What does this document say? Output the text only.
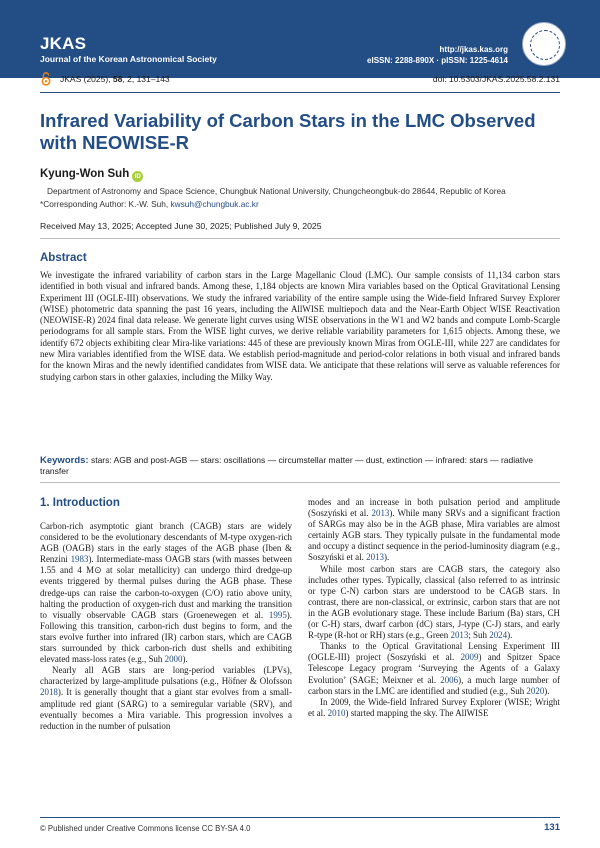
JKAS
Journal of the Korean Astronomical Society
http://jkas.kas.org
eISSN: 2288-890X · pISSN: 1225-4614
JKAS (2025), 58, 2, 131–143	doi: 10.5303/JKAS.2025.58.2.131
Infrared Variability of Carbon Stars in the LMC Observed with NEOWISE-R
Kyung-Won Suh iD
Department of Astronomy and Space Science, Chungbuk National University, Chungcheongbuk-do 28644, Republic of Korea
*Corresponding Author: K.-W. Suh, kwsuh@chungbuk.ac.kr
Received May 13, 2025; Accepted June 30, 2025; Published July 9, 2025
Abstract

We investigate the infrared variability of carbon stars in the Large Magellanic Cloud (LMC). Our sample consists of 11,134 carbon stars identified in both visual and infrared bands. Among these, 1,184 objects are known Mira variables based on the Optical Gravitational Lensing Experiment III (OGLE-III) observations. We study the infrared variability of the entire sample using the Wide-field Infrared Survey Explorer (WISE) photometric data spanning the past 16 years, including the AllWISE multiepoch data and the Near-Earth Object WISE Reactivation (NEOWISE-R) 2024 final data release. We generate light curves using WISE observations in the W1 and W2 bands and compute Lomb-Scargle periodograms for all sample stars. From the WISE light curves, we derive reliable variability parameters for 1,615 objects. Among these, we identify 672 objects exhibiting clear Mira-like variations: 445 of these are previously known Miras from OGLE-III, while 227 are candidates for new Mira variables identified from the WISE data. We establish period-magnitude and period-color relations in both visual and infrared bands for the known Miras and the newly identified candidates from WISE data. We anticipate that these relations will serve as valuable references for studying carbon stars in other galaxies, including the Milky Way.

Keywords: stars: AGB and post-AGB — stars: oscillations — circumstellar matter — dust, extinction — infrared: stars — radiative transfer
1. Introduction

Carbon-rich asymptotic giant branch (CAGB) stars are widely considered to be the evolutionary descendants of M-type oxygen-rich AGB (OAGB) stars in the early stages of the AGB phase (Iben & Renzini 1983). Intermediate-mass OAGB stars (with masses between 1.55 and 4 M⊙ at solar metallicity) can undergo third dredge-up events triggered by thermal pulses during the AGB phase. These dredge-ups can raise the carbon-to-oxygen (C/O) ratio above unity, halting the production of oxygen-rich dust and marking the transition to visually observable CAGB stars (Groenewegen et al. 1995). Following this transition, carbon-rich dust begins to form, and the stars evolve further into infrared (IR) carbon stars, which are CAGB stars surrounded by thick carbon-rich dust shells and exhibiting elevated mass-loss rates (e.g., Suh 2000).

Nearly all AGB stars are long-period variables (LPVs), characterized by large-amplitude pulsations (e.g., Höfner & Olofsson 2018). It is generally thought that a giant star evolves from a small-amplitude red giant (SARG) to a semiregular variable (SRV), and eventually becomes a Mira variable. This progression involves a reduction in the number of pulsation

modes and an increase in both pulsation period and amplitude (Soszyński et al. 2013). While many SRVs and a significant fraction of SARGs may also be in the AGB phase, Mira variables are almost certainly AGB stars. They typically pulsate in the fundamental mode and occupy a distinct sequence in the period-luminosity diagram (e.g., Soszyński et al. 2013).

While most carbon stars are CAGB stars, the category also includes other types. Typically, classical (also referred to as intrinsic or type C-N) carbon stars are understood to be CAGB stars. In contrast, there are non-classical, or extrinsic, carbon stars that are not in the AGB evolutionary stage. These include Barium (Ba) stars, CH (or C-H) stars, dwarf carbon (dC) stars, J-type (C-J) stars, and early R-type (R-hot or RH) stars (e.g., Green 2013; Suh 2024).

Thanks to the Optical Gravitational Lensing Experiment III (OGLE-III) project (Soszyński et al. 2009) and Spitzer Space Telescope Legacy program ‘Surveying the Agents of a Galaxy Evolution’ (SAGE; Meixner et al. 2006), a much large number of carbon stars in the LMC are identified and studied (e.g., Suh 2020).

In 2009, the Wide-field Infrared Survey Explorer (WISE; Wright et al. 2010) started mapping the sky. The AllWISE

© Published under Creative Commons license CC BY-SA 4.0	131
